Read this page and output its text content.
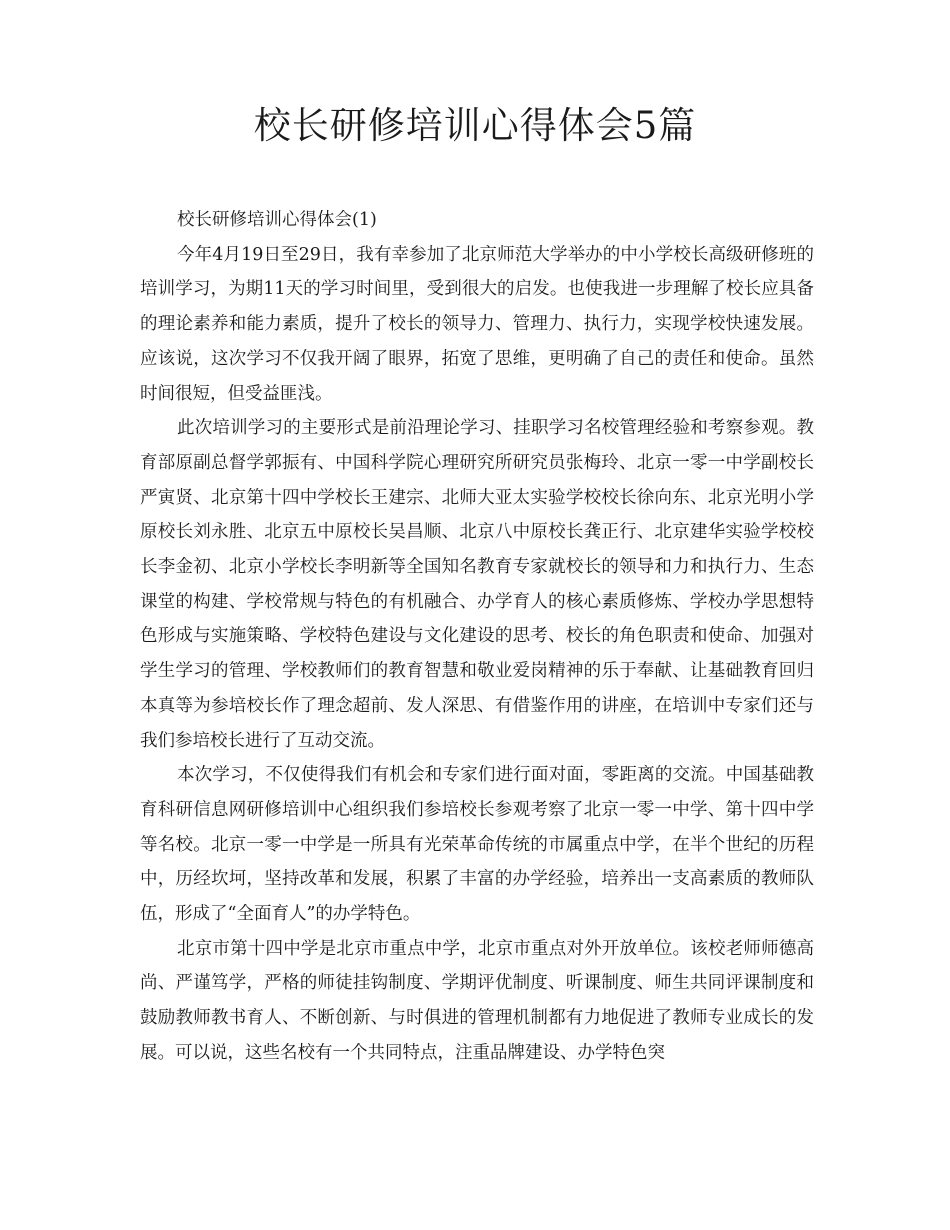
校长研修培训心得体会5篇

校长研修培训心得体会(1)

今年4月19日至29日，我有幸参加了北京师范大学举办的中小学校长高级研修班的培训学习，为期11天的学习时间里，受到很大的启发。也使我进一步理解了校长应具备的理论素养和能力素质，提升了校长的领导力、管理力、执行力，实现学校快速发展。应该说，这次学习不仅我开阔了眼界，拓宽了思维，更明确了自己的责任和使命。虽然时间很短，但受益匪浅。

此次培训学习的主要形式是前沿理论学习、挂职学习名校管理经验和考察参观。教育部原副总督学郭振有、中国科学院心理研究所研究员张梅玲、北京一零一中学副校长严寅贤、北京第十四中学校长王建宗、北师大亚太实验学校校长徐向东、北京光明小学原校长刘永胜、北京五中原校长吴昌顺、北京八中原校长龚正行、北京建华实验学校校长李金初、北京小学校长李明新等全国知名教育专家就校长的领导和力和执行力、生态课堂的构建、学校常规与特色的有机融合、办学育人的核心素质修炼、学校办学思想特色形成与实施策略、学校特色建设与文化建设的思考、校长的角色职责和使命、加强对学生学习的管理、学校教师们的教育智慧和敬业爱岗精神的乐于奉献、让基础教育回归本真等为参培校长作了理念超前、发人深思、有借鉴作用的讲座，在培训中专家们还与我们参培校长进行了互动交流。

本次学习，不仅使得我们有机会和专家们进行面对面，零距离的交流。中国基础教育科研信息网研修培训中心组织我们参培校长参观考察了北京一零一中学、第十四中学等名校。北京一零一中学是一所具有光荣革命传统的市属重点中学，在半个世纪的历程中，历经坎坷，坚持改革和发展，积累了丰富的办学经验，培养出一支高素质的教师队伍，形成了“全面育人”的办学特色。

北京市第十四中学是北京市重点中学，北京市重点对外开放单位。该校老师师德高尚、严谨笃学，严格的师徒挂钩制度、学期评优制度、听课制度、师生共同评课制度和鼓励教师教书育人、不断创新、与时俱进的管理机制都有力地促进了教师专业成长的发展。可以说，这些名校有一个共同特点，注重品牌建设、办学特色突
